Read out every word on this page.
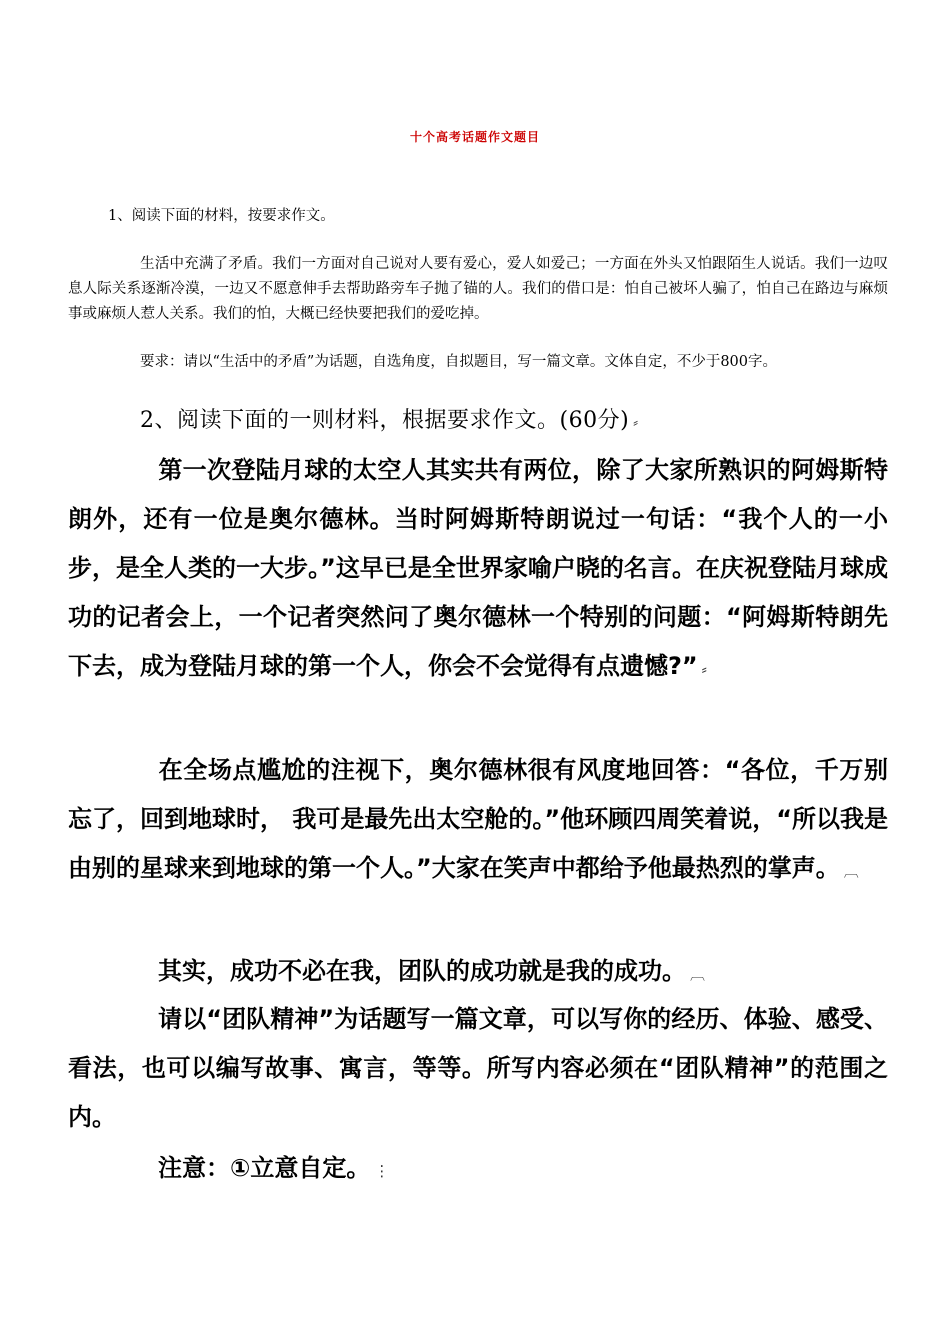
十个高考话题作文题目
1、阅读下面的材料，按要求作文。
生活中充满了矛盾。我们一方面对自己说对人要有爱心，爱人如爱己；一方面在外头又怕跟陌生人说话。我们一边叹息人际关系逐渐冷漠，一边又不愿意伸手去帮助路旁车子抛了锚的人。我们的借口是：怕自己被坏人骗了，怕自己在路边与麻烦事或麻烦人惹人关系。我们的怕，大概已经快要把我们的爱吃掉。
要求：请以“生活中的矛盾”为话题，自选角度，自拟题目，写一篇文章。文体自定，不少于800字。
2、阅读下面的一则材料，根据要求作文。(60分) ⸗
第一次登陆月球的太空人其实共有两位，除了大家所熟识的阿姆斯特朗外，还有一位是奥尔德林。当时阿姆斯特朗说过一句话：“我个人的一小步，是全人类的一大步。”这早已是全世界家喻户晓的名言。在庆祝登陆月球成功的记者会上，一个记者突然问了奥尔德林一个特别的问题：“阿姆斯特朗先下去，成为登陆月球的第一个人，你会不会觉得有点遗憾?” ⸗
在全场点尴尬的注视下，奥尔德林很有风度地回答：“各位，千万别忘了，回到地球时， 我可是最先出太空舱的。”他环顾四周笑着说，“所以我是由别的星球来到地球的第一个人。”大家在笑声中都给予他最热烈的掌声。 ︹
其实，成功不必在我，团队的成功就是我的成功。 ︹
请以“团队精神”为话题写一篇文章，可以写你的经历、体验、感受、看法，也可以编写故事、寓言，等等。所写内容必须在“团队精神”的范围之内。
注意：①立意自定。 ⋮
